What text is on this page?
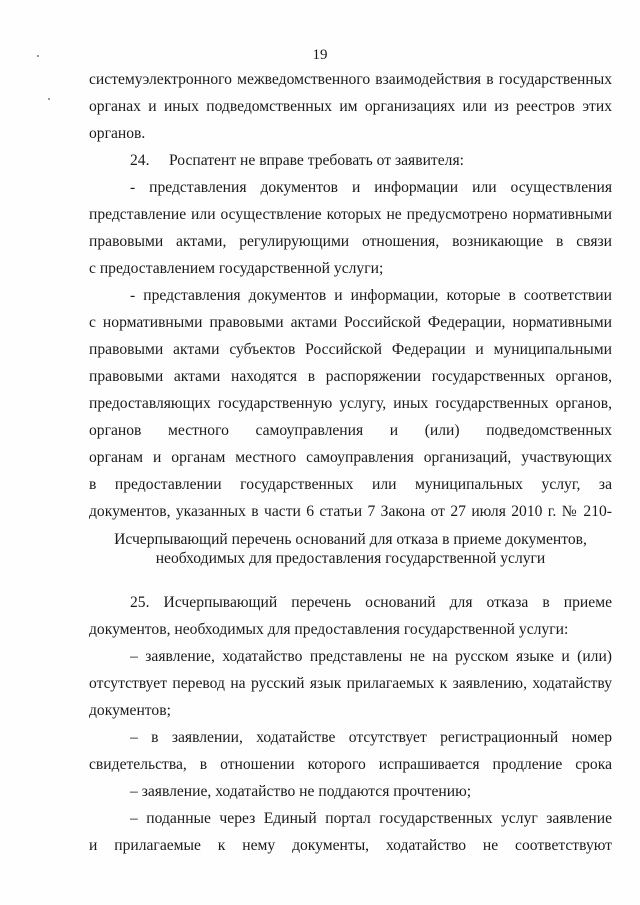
19
системуэлектронного межведомственного взаимодействия в государственных
органах и иных подведомственных им организациях или из реестров этих
органов.
24.     Роспатент не вправе требовать от заявителя:
- представления документов и информации или осуществления
представление или осуществление которых не предусмотрено нормативными
правовыми актами, регулирующими отношения, возникающие в связи
с предоставлением государственной услуги;
- представления документов и информации, которые в соответствии
с нормативными правовыми актами Российской Федерации, нормативными
правовыми актами субъектов Российской Федерации и муниципальными
правовыми актами находятся в распоряжении государственных органов,
предоставляющих государственную услугу, иных государственных органов,
органов местного самоуправления и (или) подведомственных
органам и органам местного самоуправления организаций, участвующих
в предоставлении государственных или муниципальных услуг, за
документов, указанных в части 6 статьи 7 Закона от 27 июля 2010 г. № 210-
Исчерпывающий перечень оснований для отказа в приеме документов,
необходимых для предоставления государственной услуги
25. Исчерпывающий перечень оснований для отказа в приеме
документов, необходимых для предоставления государственной услуги:
– заявление, ходатайство представлены не на русском языке и (или)
отсутствует перевод на русский язык прилагаемых к заявлению, ходатайству
документов;
– в заявлении, ходатайстве отсутствует регистрационный номер
свидетельства, в отношении которого испрашивается продление срока
– заявление, ходатайство не поддаются прочтению;
– поданные через Единый портал государственных услуг заявление
и прилагаемые к нему документы, ходатайство не соответствуют
